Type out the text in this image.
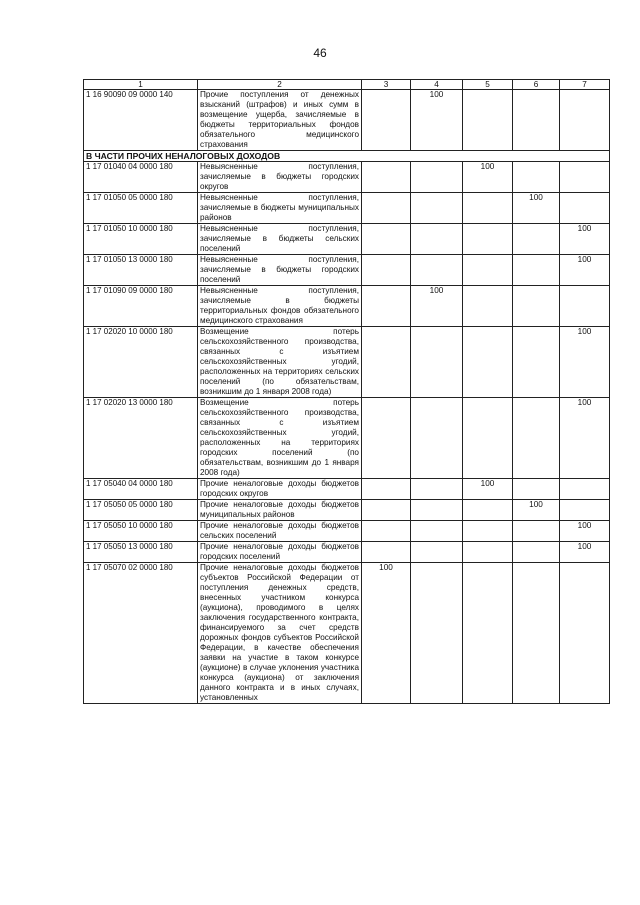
46
1	2	3	4	5	6	7
1 16 90090 09 0000 140	Прочие поступления от денежных взысканий (штрафов) и иных сумм в возмещение ущерба, зачисляемые в бюджеты территориальных фондов обязательного медицинского страхования		100			
В ЧАСТИ ПРОЧИХ НЕНАЛОГОВЫХ ДОХОДОВ						
1 17 01040 04 0000 180	Невыясненные поступления, зачисляемые в бюджеты городских округов			100		
1 17 01050 05 0000 180	Невыясненные поступления, зачисляемые в бюджеты муниципальных районов				100	
1 17 01050 10 0000 180	Невыясненные поступления, зачисляемые в бюджеты сельских поселений					100
1 17 01050 13 0000 180	Невыясненные поступления, зачисляемые в бюджеты городских поселений					100
1 17 01090 09 0000 180	Невыясненные поступления, зачисляемые в бюджеты территориальных фондов обязательного медицинского страхования		100			
1 17 02020 10 0000 180	Возмещение потерь сельскохозяйственного производства, связанных с изъятием сельскохозяйственных угодий, расположенных на территориях сельских поселений (по обязательствам, возникшим до 1 января 2008 года)					100
1 17 02020 13 0000 180	Возмещение потерь сельскохозяйственного производства, связанных с изъятием сельскохозяйственных угодий, расположенных на территориях городских поселений (по обязательствам, возникшим до 1 января 2008 года)					100
1 17 05040 04 0000 180	Прочие неналоговые доходы бюджетов городских округов			100		
1 17 05050 05 0000 180	Прочие неналоговые доходы бюджетов муниципальных районов				100	
1 17 05050 10 0000 180	Прочие неналоговые доходы бюджетов сельских поселений					100
1 17 05050 13 0000 180	Прочие неналоговые доходы бюджетов городских поселений					100
1 17 05070 02 0000 180	Прочие неналоговые доходы бюджетов субъектов Российской Федерации от поступления денежных средств, внесенных участником конкурса (аукциона), проводимого в целях заключения государственного контракта, финансируемого за счет средств дорожных фондов субъектов Российской Федерации, в качестве обеспечения заявки на участие в таком конкурсе (аукционе) в случае уклонения участника конкурса (аукциона) от заключения данного контракта и в иных случаях, установленных	100				
